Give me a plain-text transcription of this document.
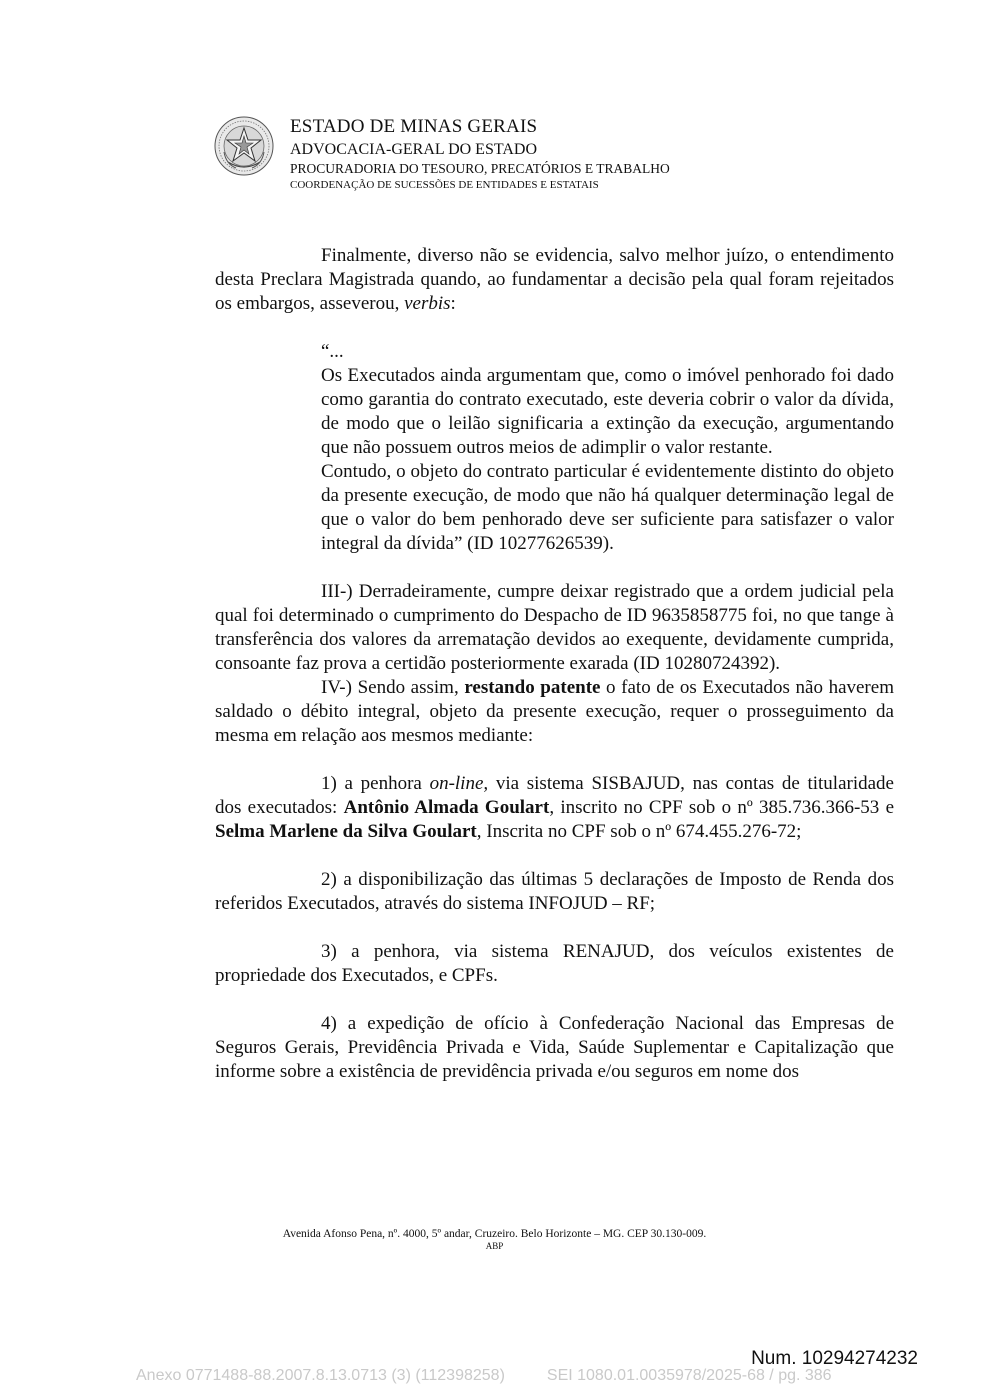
ESTADO DE MINAS GERAIS
ADVOCACIA-GERAL DO ESTADO
PROCURADORIA DO TESOURO, PRECATÓRIOS E TRABALHO
COORDENAÇÃO DE SUCESSÕES DE ENTIDADES E ESTATAIS

Finalmente, diverso não se evidencia, salvo melhor juízo, o entendimento desta Preclara Magistrada quando, ao fundamentar a decisão pela qual foram rejeitados os embargos, asseverou, verbis:

“...

Os Executados ainda argumentam que, como o imóvel penhorado foi dado como garantia do contrato executado, este deveria cobrir o valor da dívida, de modo que o leilão significaria a extinção da execução, argumentando que não possuem outros meios de adimplir o valor restante.

Contudo, o objeto do contrato particular é evidentemente distinto do objeto da presente execução, de modo que não há qualquer determinação legal de que o valor do bem penhorado deve ser suficiente para satisfazer o valor integral da dívida” (ID 10277626539).

III-) Derradeiramente, cumpre deixar registrado que a ordem judicial pela qual foi determinado o cumprimento do Despacho de ID 9635858775 foi, no que tange à transferência dos valores da arrematação devidos ao exequente, devidamente cumprida, consoante faz prova a certidão posteriormente exarada (ID 10280724392).

IV-) Sendo assim, restando patente o fato de os Executados não haverem saldado o débito integral, objeto da presente execução, requer o prosseguimento da mesma em relação aos mesmos mediante:

1) a penhora on-line, via sistema SISBAJUD, nas contas de titularidade dos executados: Antônio Almada Goulart, inscrito no CPF sob o nº 385.736.366-53 e Selma Marlene da Silva Goulart, Inscrita no CPF sob o nº 674.455.276-72;

2) a disponibilização das últimas 5 declarações de Imposto de Renda dos referidos Executados, através do sistema INFOJUD – RF;

3) a penhora, via sistema RENAJUD, dos veículos existentes de propriedade dos Executados, e CPFs.

4) a expedição de ofício à Confederação Nacional das Empresas de Seguros Gerais, Previdência Privada e Vida, Saúde Suplementar e Capitalização que informe sobre a existência de previdência privada e/ou seguros em nome dos

Avenida Afonso Pena, nº. 4000, 5º andar, Cruzeiro. Belo Horizonte – MG. CEP 30.130-009.
ABP
Num. 10294274232
Anexo 0771488-88.2007.8.13.0713 (3) (112398258)	SEI 1080.01.0035978/2025-68 / pg. 386
